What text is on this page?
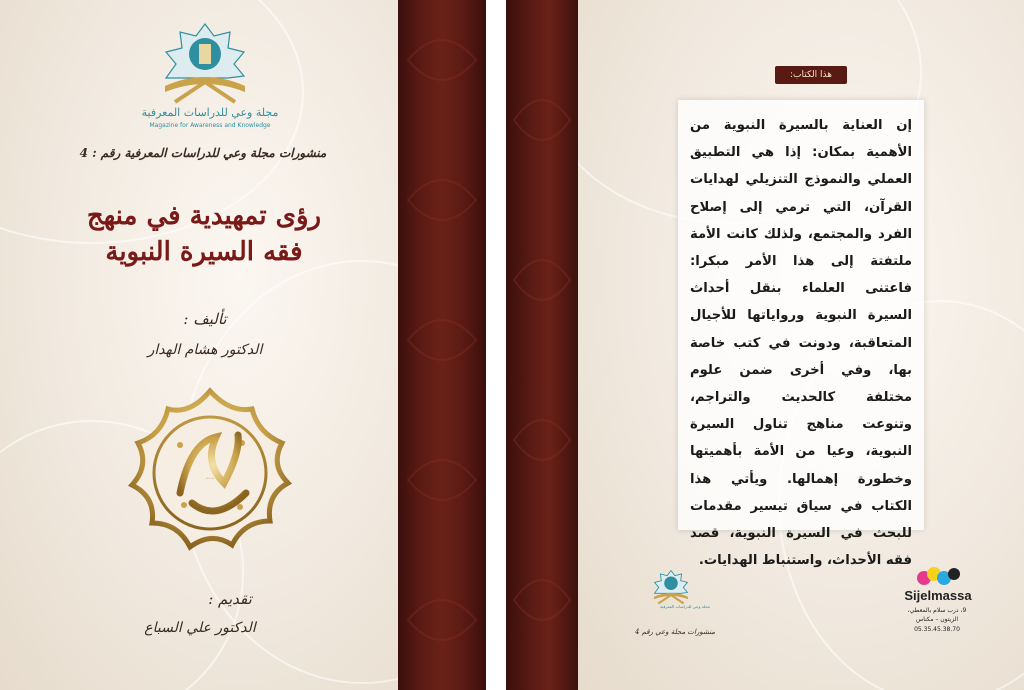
مجلة وعي للدراسات المعرفية
Magazine for Awareness and Knowledge
منشورات مجلة وعي للدراسات المعرفية رقم : 4
رؤى تمهيدية في منهج
فقه السيرة النبوية
تأليف :
الدكتور هشام الهدار
عالم الكلم
تقديم :
الدكتور علي السباع
هذا الكتاب:
إن العناية بالسيرة النبوية من الأهمية بمكان: إذا هي التطبيق العملي والنموذج التنزيلي لهدايات القرآن، التي ترمي إلى إصلاح الفرد والمجتمع، ولذلك كانت الأمة ملتفتة إلى هذا الأمر مبكرا: فاعتنى العلماء بنقل أحداث السيرة النبوية ورواياتها للأجيال المتعاقبة، ودونت في كتب خاصة بها، وفي أخرى ضمن علوم مختلفة كالحديث والتراجم، وتنوعت مناهج تناول السيرة النبوية، وعيا من الأمة بأهميتها وخطورة إهمالها. ويأتي هذا الكتاب في سياق تيسير مقدمات للبحث في السيرة النبوية، قصد فقه الأحداث، واستنباط الهدايات.
مجلة وعي للدراسات المعرفية
منشورات مجلة وعي رقم 4
Sijelmassa
9، درب سلام بالمعطي، الزيتون – مكناس
05.35.45.38.70
